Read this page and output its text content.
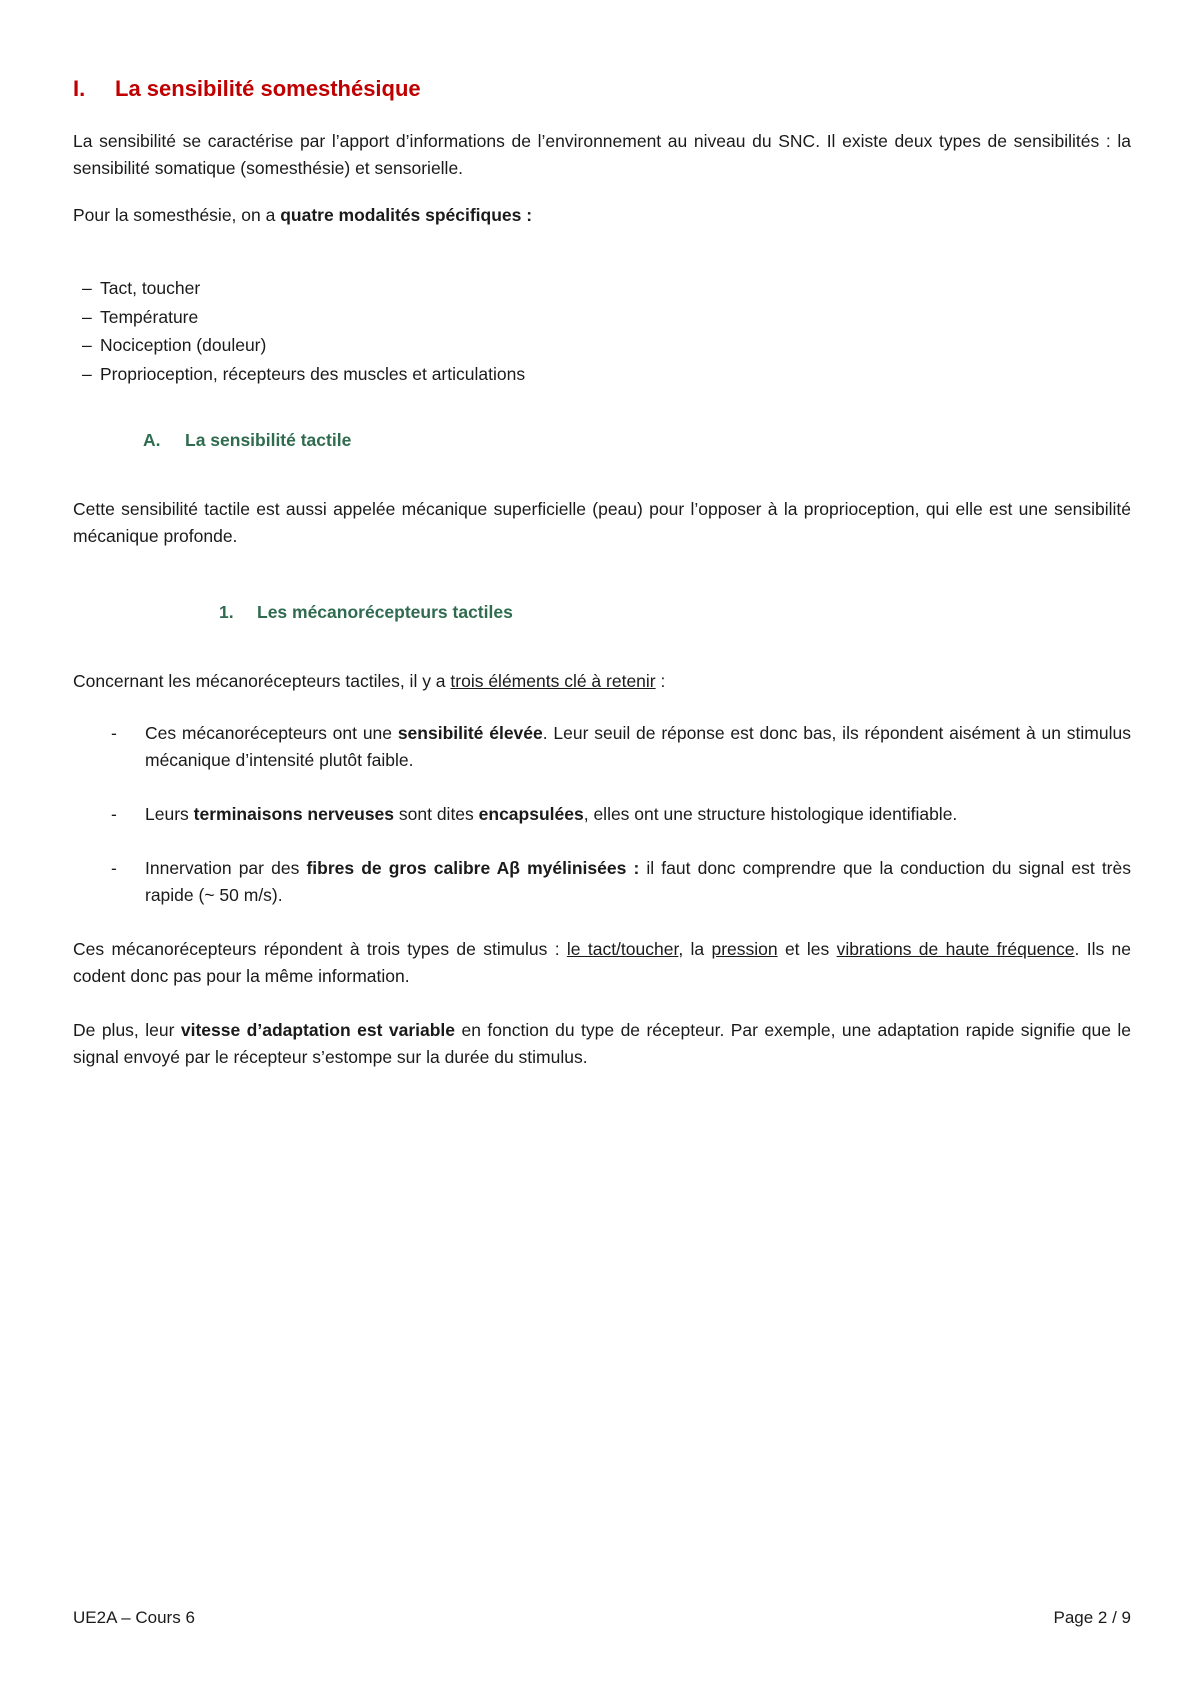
I. La sensibilité somesthésique

La sensibilité se caractérise par l’apport d’informations de l’environnement au niveau du SNC. Il existe deux types de sensibilités : la sensibilité somatique (somesthésie) et sensorielle.

Pour la somesthésie, on a quatre modalités spécifiques :

– Tact, toucher
– Température
– Nociception (douleur)
– Proprioception, récepteurs des muscles et articulations
A. La sensibilité tactile

Cette sensibilité tactile est aussi appelée mécanique superficielle (peau) pour l’opposer à la proprioception, qui elle est une sensibilité mécanique profonde.

1. Les mécanorécepteurs tactiles

Concernant les mécanorécepteurs tactiles, il y a trois éléments clé à retenir :

- Ces mécanorécepteurs ont une sensibilité élevée. Leur seuil de réponse est donc bas, ils répondent aisément à un stimulus mécanique d’intensité plutôt faible.
- Leurs terminaisons nerveuses sont dites encapsulées, elles ont une structure histologique identifiable.
- Innervation par des fibres de gros calibre Aβ myélinisées : il faut donc comprendre que la conduction du signal est très rapide (~ 50 m/s).

Ces mécanorécepteurs répondent à trois types de stimulus : le tact/toucher, la pression et les vibrations de haute fréquence. Ils ne codent donc pas pour la même information.

De plus, leur vitesse d’adaptation est variable en fonction du type de récepteur. Par exemple, une adaptation rapide signifie que le signal envoyé par le récepteur s’estompe sur la durée du stimulus.

UE2A – Cours 6	Page 2 / 9
